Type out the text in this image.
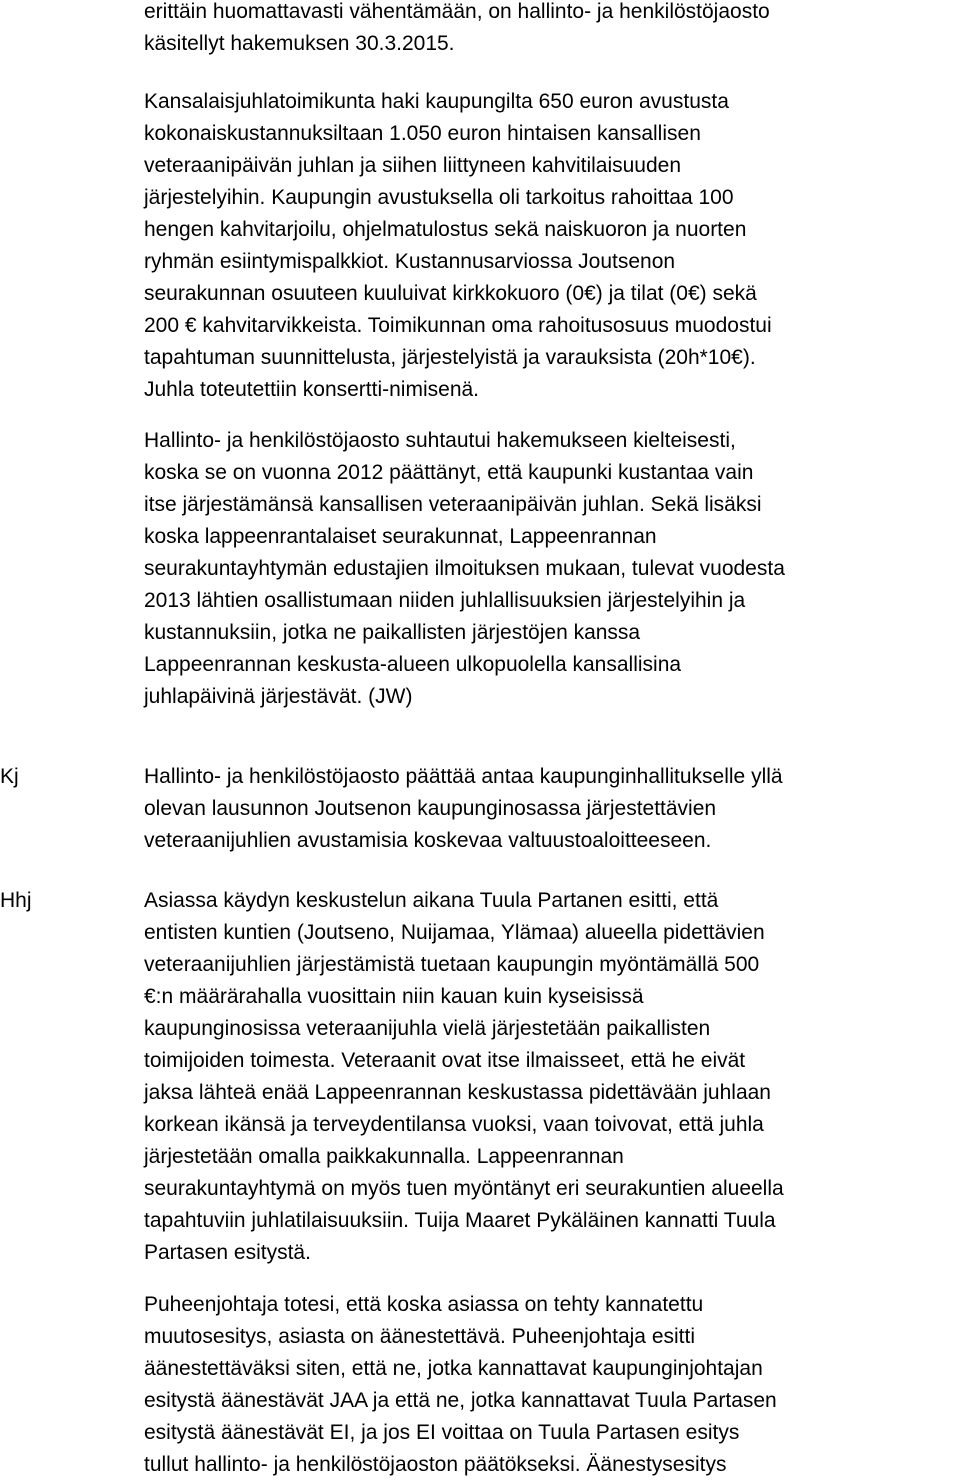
erittäin huomattavasti vähentämään, on hallinto- ja henkilöstöjaosto
käsitellyt hakemuksen 30.3.2015.
Kansalaisjuhlatoimikunta haki kaupungilta 650 euron avustusta
kokonaiskustannuksiltaan 1.050 euron hintaisen kansallisen
veteraanipäivän juhlan ja siihen liittyneen kahvitilaisuuden
järjestelyihin. Kaupungin avustuksella oli tarkoitus rahoittaa 100
hengen kahvitarjoilu, ohjelmatulostus sekä naiskuoron ja nuorten
ryhmän esiintymispalkkiot. Kustannusarviossa Joutsenon
seurakunnan osuuteen kuuluivat kirkkokuoro (0€) ja tilat (0€) sekä
200 € kahvitarvikkeista. Toimikunnan oma rahoitusosuus muodostui
tapahtuman suunnittelusta, järjestelyistä ja varauksista (20h*10€).
Juhla toteutettiin konsertti-nimisenä.
Hallinto- ja henkilöstöjaosto suhtautui hakemukseen kielteisesti,
koska se on vuonna 2012 päättänyt, että kaupunki kustantaa vain
itse järjestämänsä kansallisen veteraanipäivän juhlan. Sekä lisäksi
koska lappeenrantalaiset seurakunnat, Lappeenrannan
seurakuntayhtymän edustajien ilmoituksen mukaan, tulevat vuodesta
2013 lähtien osallistumaan niiden juhlallisuuksien järjestelyihin ja
kustannuksiin, jotka ne paikallisten järjestöjen kanssa
Lappeenrannan keskusta-alueen ulkopuolella kansallisina
juhlapäivinä järjestävät. (JW)
Kj	Hallinto- ja henkilöstöjaosto päättää antaa kaupunginhallitukselle yllä
olevan lausunnon Joutsenon kaupunginosassa järjestettävien
veteraanijuhlien avustamisia koskevaa valtuustoaloitteeseen.
Hhj	Asiassa käydyn keskustelun aikana Tuula Partanen esitti, että
entisten kuntien (Joutseno, Nuijamaa, Ylämaa) alueella pidettävien
veteraanijuhlien järjestämistä tuetaan kaupungin myöntämällä 500
€:n määrärahalla vuosittain niin kauan kuin kyseisissä
kaupunginosissa veteraanijuhla vielä järjestetään paikallisten
toimijoiden toimesta. Veteraanit ovat itse ilmaisseet, että he eivät
jaksa lähteä enää Lappeenrannan keskustassa pidettävään juhlaan
korkean ikänsä ja terveydentilansa vuoksi, vaan toivovat, että juhla
järjestetään omalla paikkakunnalla. Lappeenrannan
seurakuntayhtymä on myös tuen myöntänyt eri seurakuntien alueella
tapahtuviin juhlatilaisuuksiin. Tuija Maaret Pykäläinen kannatti Tuula
Partasen esitystä.
Puheenjohtaja totesi, että koska asiassa on tehty kannatettu
muutosesitys, asiasta on äänestettävä. Puheenjohtaja esitti
äänestettäväksi siten, että ne, jotka kannattavat kaupunginjohtajan
esitystä äänestävät JAA ja että ne, jotka kannattavat Tuula Partasen
esitystä äänestävät EI, ja jos EI voittaa on Tuula Partasen esitys
tullut hallinto- ja henkilöstöjaoston päätökseksi. Äänestysesitys
